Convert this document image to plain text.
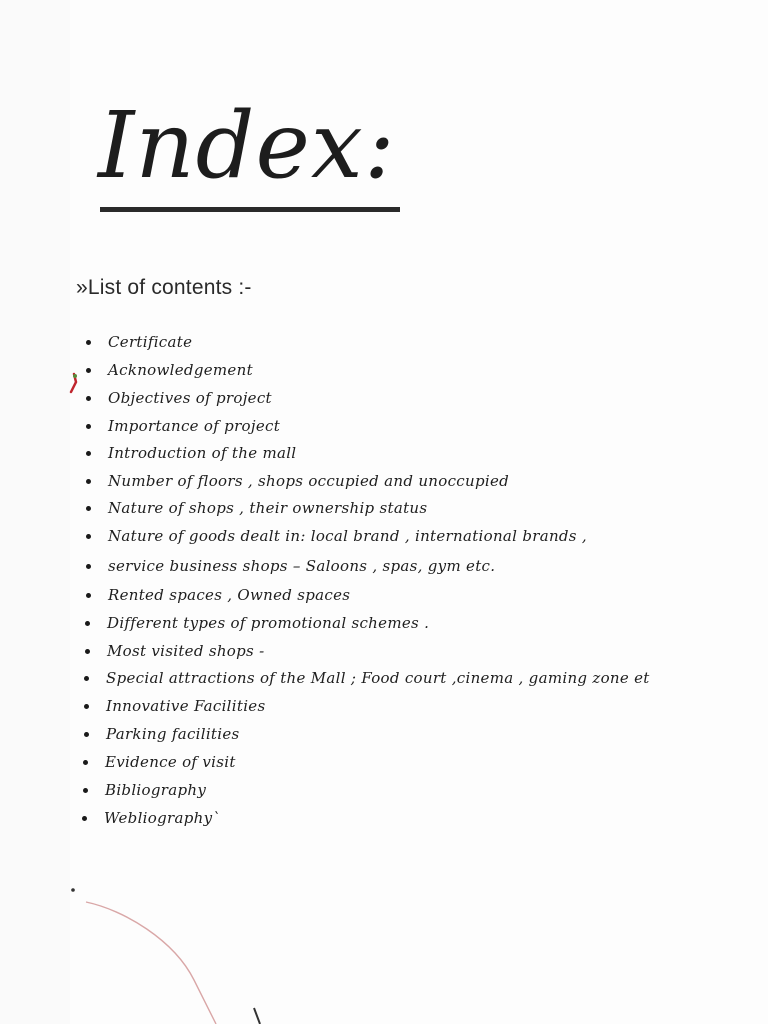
Index:
»List of contents :-
Certificate
Acknowledgement
Objectives of project
Importance of project
Introduction of the mall
Number of floors , shops occupied and unoccupied
Nature of shops , their ownership status
Nature of goods dealt in: local brand , international brands ,
service business shops – Saloons , spas, gym etc.
Rented spaces , Owned spaces
Different types of promotional schemes .
Most visited shops -
Special attractions of the Mall ; Food court ,cinema , gaming zone et
Innovative Facilities
Parking facilities
Evidence of visit
Bibliography
Webliography`
